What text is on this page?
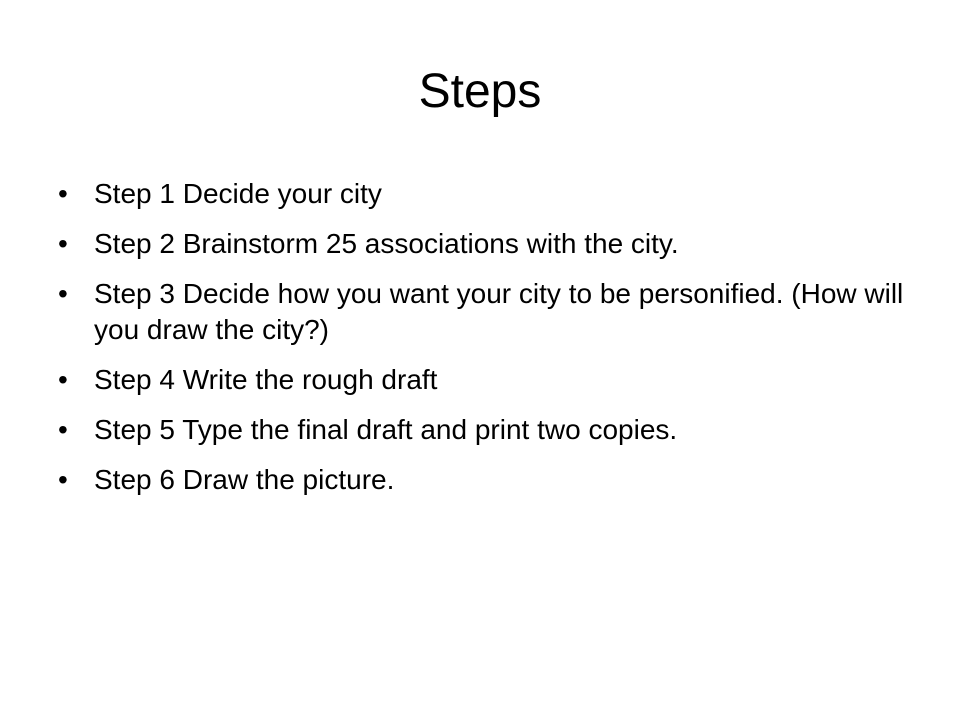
Steps
• Step 1 Decide your city
• Step 2 Brainstorm 25 associations with the city.
• Step 3 Decide how you want your city to be personified. (How will you draw the city?)
• Step 4 Write the rough draft
• Step 5 Type the final draft and print two copies.
• Step 6 Draw the picture.
